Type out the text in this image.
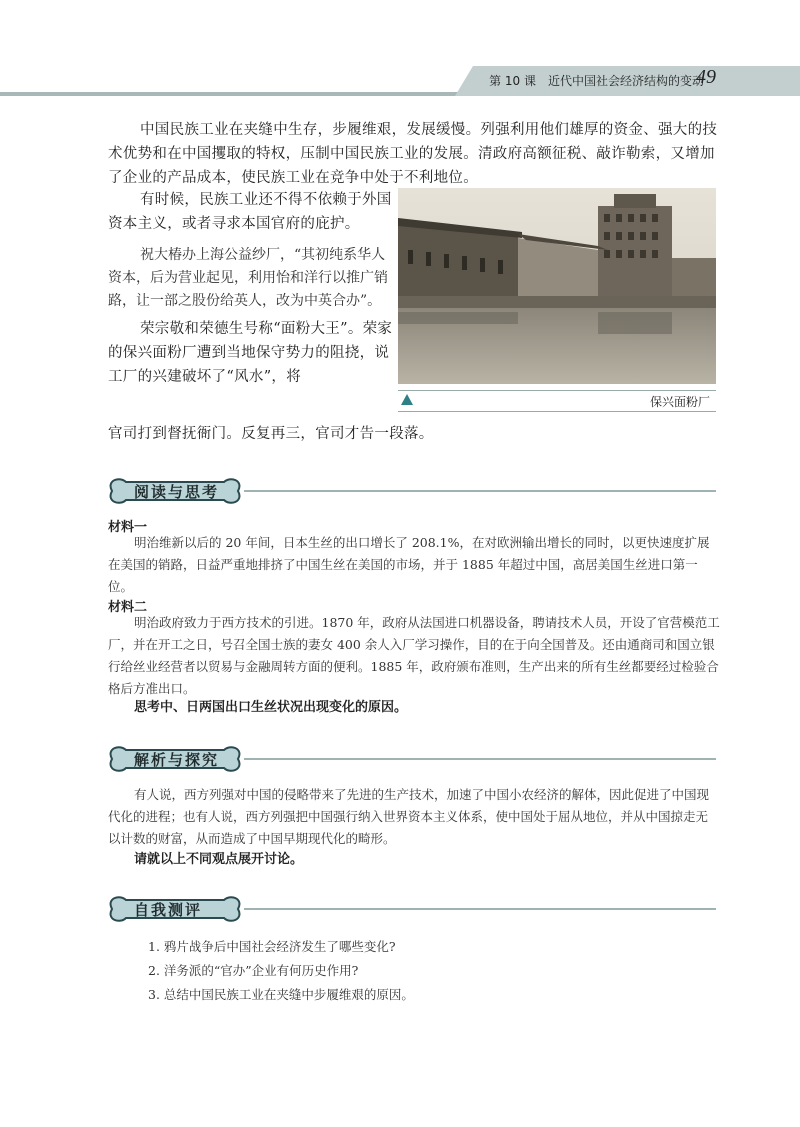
第 10 课　近代中国社会经济结构的变动
49

中国民族工业在夹缝中生存，步履维艰，发展缓慢。列强利用他们雄厚的资金、强大的技术优势和在中国攫取的特权，压制中国民族工业的发展。清政府高额征税、敲诈勒索，又增加了企业的产品成本，使民族工业在竞争中处于不利地位。

有时候，民族工业还不得不依赖于外国资本主义，或者寻求本国官府的庇护。

祝大椿办上海公益纱厂，“其初纯系华人资本，后为营业起见，利用怡和洋行以推广销路，让一部之股份给英人，改为中英合办”。

荣宗敬和荣德生号称“面粉大王”。荣家的保兴面粉厂遭到当地保守势力的阻挠，说工厂的兴建破坏了“风水”，将

官司打到督抚衙门。反复再三，官司才告一段落。

保兴面粉厂
阅读与思考
材料一

明治维新以后的 20 年间，日本生丝的出口增长了 208.1%，在对欧洲输出增长的同时，以更快速度扩展在美国的销路，日益严重地排挤了中国生丝在美国的市场，并于 1885 年超过中国，高居美国生丝进口第一位。

材料二

明治政府致力于西方技术的引进。1870 年，政府从法国进口机器设备，聘请技术人员，开设了官营模范工厂，并在开工之日，号召全国士族的妻女 400 余人入厂学习操作，目的在于向全国普及。还由通商司和国立银行给丝业经营者以贸易与金融周转方面的便利。1885 年，政府颁布准则，生产出来的所有生丝都要经过检验合格后方准出口。

思考中、日两国出口生丝状况出现变化的原因。
解析与探究

有人说，西方列强对中国的侵略带来了先进的生产技术，加速了中国小农经济的解体，因此促进了中国现代化的进程；也有人说，西方列强把中国强行纳入世界资本主义体系，使中国处于屈从地位，并从中国掠走无以计数的财富，从而造成了中国早期现代化的畸形。

请就以上不同观点展开讨论。
自我测评
1. 鸦片战争后中国社会经济发生了哪些变化?
2. 洋务派的“官办”企业有何历史作用?
3. 总结中国民族工业在夹缝中步履维艰的原因。
